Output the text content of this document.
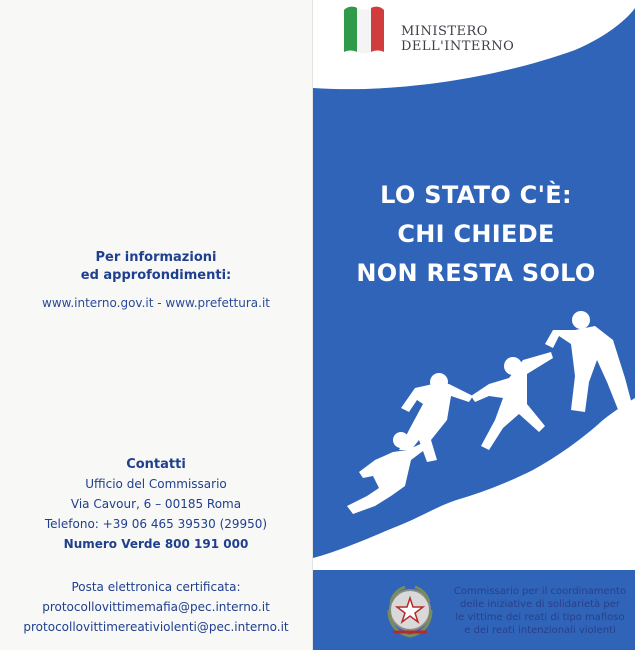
Per informazioni
ed approfondimenti:
www.interno.gov.it - www.prefettura.it
Contatti
Ufficio del Commissario
Via Cavour, 6 – 00185 Roma
Telefono: +39 06 465 39530 (29950)
Numero Verde 800 191 000
Posta elettronica certificata:
protocollovittimemafia@pec.interno.it
protocollovittimereativiolenti@pec.interno.it
MINISTERO
DELL'INTERNO
LO STATO C'È:
CHI CHIEDE
NON RESTA SOLO
Commissario per il coordinamento
delle iniziative di solidarietà per
le vittime dei reati di tipo mafioso
e dei reati intenzionali violenti
